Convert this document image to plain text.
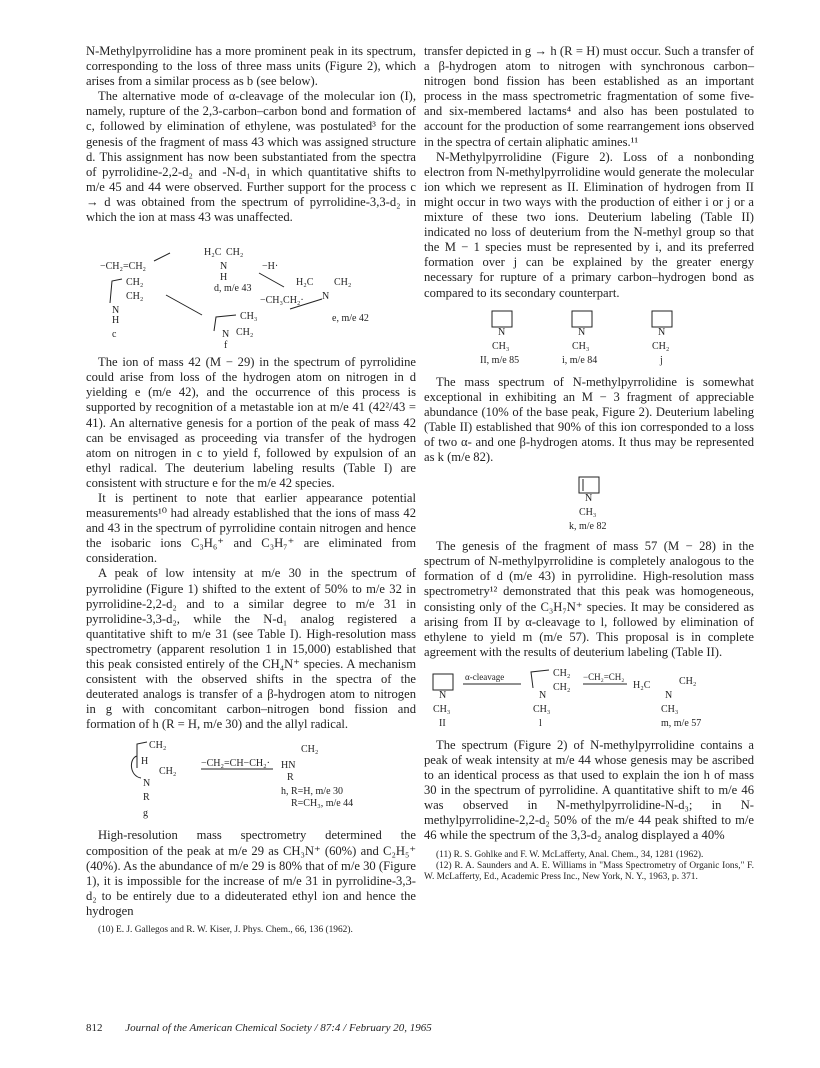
N-Methylpyrrolidine has a more prominent peak in its spectrum, corresponding to the loss of three mass units (Figure 2), which arises from a similar process as b (see below).

The alternative mode of α-cleavage of the molecular ion (I), namely, rupture of the 2,3-carbon–carbon bond and formation of c, followed by elimination of ethylene, was postulated³ for the genesis of the fragment of mass 43 which was assigned structure d. This assignment has now been substantiated from the spectra of pyrrolidine-2,2-d₂ and -N-d₁ in which quantitative shifts to m/e 45 and 44 were observed. Further support for the process c → d was obtained from the spectrum of pyrrolidine-3,3-d₂ in which the ion at mass 43 was unaffected.

−CH₂=CH₂
H₂C CH₂
N
H
d, m/e 43
−H·
H₂C CH₂
N
e, m/e 42
−CH₃CH₂·
CH₂
CH₂
N
H
c
CH₃
CH₂
N
f

The ion of mass 42 (M − 29) in the spectrum of pyrrolidine could arise from loss of the hydrogen atom on nitrogen in d yielding e (m/e 42), and the occurrence of this process is supported by recognition of a metastable ion at m/e 41 (42²/43 = 41). An alternative genesis for a portion of the peak of mass 42 can be envisaged as proceeding via transfer of the hydrogen atom on nitrogen in c to yield f, followed by expulsion of an ethyl radical. The deuterium labeling results (Table I) are consistent with structure e for the m/e 42 species.

It is pertinent to note that earlier appearance potential measurements¹⁰ had already established that the ions of mass 42 and 43 in the spectrum of pyrrolidine contain nitrogen and hence the isobaric ions C₃H₆⁺ and C₃H₇⁺ are eliminated from consideration.

A peak of low intensity at m/e 30 in the spectrum of pyrrolidine (Figure 1) shifted to the extent of 50% to m/e 32 in pyrrolidine-2,2-d₂ and to a similar degree to m/e 31 in pyrrolidine-3,3-d₂, while the N-d₁ analog registered a quantitative shift to m/e 31 (see Table I). High-resolution mass spectrometry (apparent resolution 1 in 15,000) established that this peak consisted entirely of the CH₄N⁺ species. A mechanism consistent with the observed shifts in the spectra of the deuterated analogs is transfer of a β-hydrogen atom to nitrogen in g with concomitant carbon–nitrogen bond fission and formation of h (R = H, m/e 30) and the allyl radical.

CH₂
H
CH₂
N
R
g
−CH₂=CH−CH₂·
CH₂
HN
R
h, R=H, m/e 30
R=CH₃, m/e 44

High-resolution mass spectrometry determined the composition of the peak at m/e 29 as CH₃N⁺ (60%) and C₂H₅⁺ (40%). As the abundance of m/e 29 is 80% that of m/e 30 (Figure 1), it is impossible for the increase of m/e 31 in pyrrolidine-3,3-d₂ to be entirely due to a dideuterated ethyl ion and hence the hydrogen

(10) E. J. Gallegos and R. W. Kiser, J. Phys. Chem., 66, 136 (1962).

transfer depicted in g → h (R = H) must occur. Such a transfer of a β-hydrogen atom to nitrogen with synchronous carbon–nitrogen bond fission has been established as an important process in the mass spectrometric fragmentation of some five- and six-membered lactams⁴ and also has been postulated to account for the production of some rearrangement ions observed in the spectra of certain aliphatic amines.¹¹

N-Methylpyrrolidine (Figure 2). Loss of a nonbonding electron from N-methylpyrrolidine would generate the molecular ion which we represent as II. Elimination of hydrogen from II might occur in two ways with the production of either i or j or a mixture of these two ions. Deuterium labeling (Table II) indicated no loss of deuterium from the N-methyl group so that the M − 1 species must be represented by i, and its preferred formation over j can be explained by the greater energy necessary for rupture of a primary carbon–hydrogen bond as compared to its secondary counterpart.

N
CH₃
II, m/e 85
N
CH₃
i, m/e 84
N
CH₂
j

The mass spectrum of N-methylpyrrolidine is somewhat exceptional in exhibiting an M − 3 fragment of appreciable abundance (10% of the base peak, Figure 2). Deuterium labeling (Table II) established that 90% of this ion corresponded to a loss of two α- and one β-hydrogen atoms. It thus may be represented as k (m/e 82).

N
CH₃
k, m/e 82

The genesis of the fragment of mass 57 (M − 28) in the spectrum of N-methylpyrrolidine is completely analogous to the formation of d (m/e 43) in pyrrolidine. High-resolution mass spectrometry¹² demonstrated that this peak was homogeneous, consisting only of the C₃H₇N⁺ species. It may be considered as arising from II by α-cleavage to l, followed by elimination of ethylene to yield m (m/e 57). This proposal is in complete agreement with the results of deuterium labeling (Table II).

N
CH₃
II
α-cleavage	CH₂
CH₂
N
CH₃
l
−CH₂=CH₂
H₂C	CH₂
N
CH₃
m, m/e 57

The spectrum (Figure 2) of N-methylpyrrolidine contains a peak of weak intensity at m/e 44 whose genesis may be ascribed to an identical process as that used to explain the ion h of mass 30 in the spectrum of pyrrolidine. A quantitative shift to m/e 46 was observed in N-methylpyrrolidine-N-d₃; in N-methylpyrrolidine-2,2-d₂ 50% of the m/e 44 peak shifted to m/e 46 while the spectrum of the 3,3-d₂ analog displayed a 40%

(11) R. S. Gohlke and F. W. McLafferty, Anal. Chem., 34, 1281 (1962).

(12) R. A. Saunders and A. E. Williams in "Mass Spectrometry of Organic Ions," F. W. McLafferty, Ed., Academic Press Inc., New York, N. Y., 1963, p. 371.

812 Journal of the American Chemical Society / 87:4 / February 20, 1965
